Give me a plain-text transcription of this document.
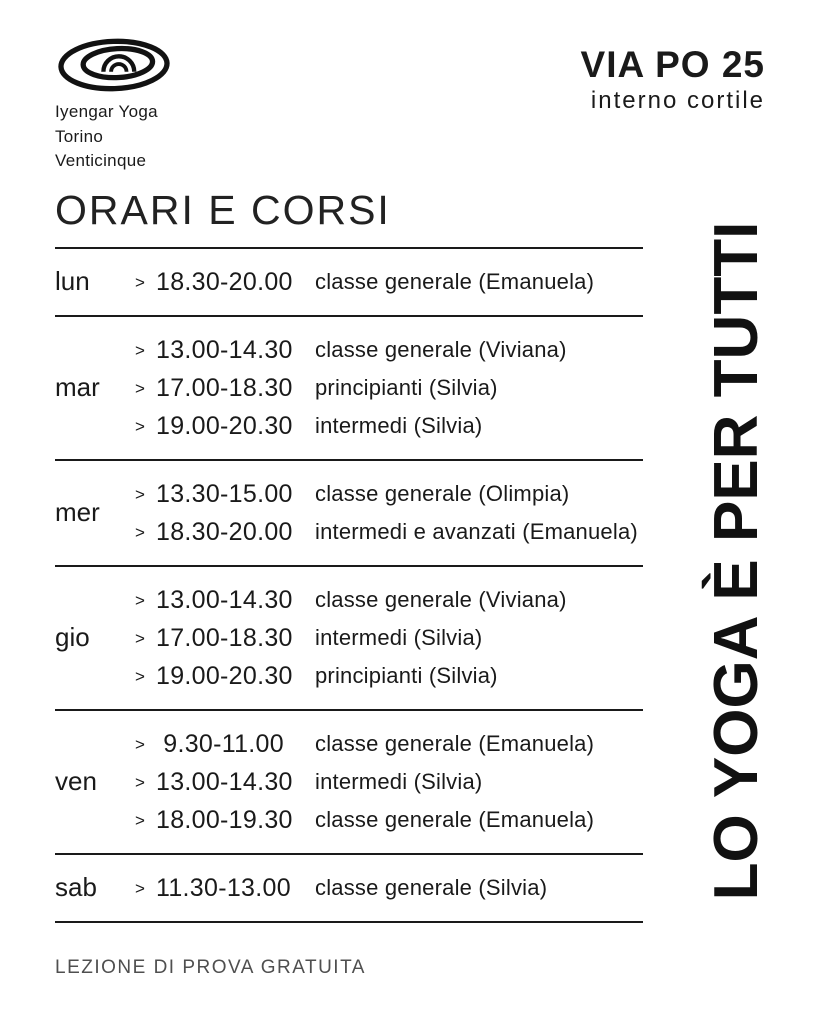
Iyengar Yoga
Torino
Venticinque
VIA PO 25
interno cortile
ORARI E CORSI
lun	> 18.30-20.00	classe generale (Emanuela)
mar
> 13.00-14.30	classe generale (Viviana)
> 17.00-18.30	principianti (Silvia)
> 19.00-20.30	intermedi (Silvia)
mer
> 13.30-15.00	classe generale (Olimpia)
> 18.30-20.00	intermedi e avanzati (Emanuela)
gio
> 13.00-14.30	classe generale (Viviana)
> 17.00-18.30	intermedi (Silvia)
> 19.00-20.30	principianti (Silvia)
ven
> 9.30-11.00	classe generale (Emanuela)
> 13.00-14.30	intermedi (Silvia)
> 18.00-19.30	classe generale (Emanuela)
sab	> 11.30-13.00	classe generale (Silvia)
LEZIONE DI PROVA GRATUITA
LO YOGA È PER TUTTI
